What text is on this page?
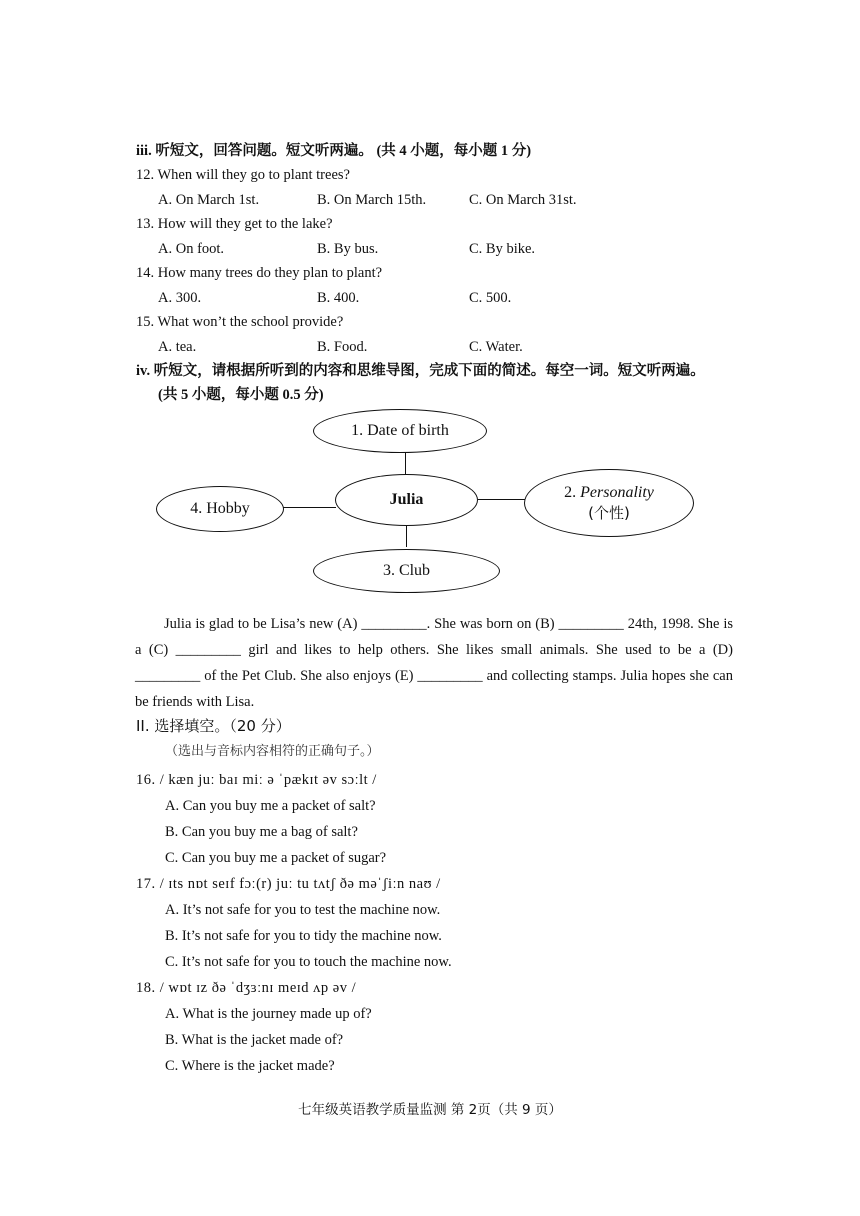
iii. 听短文，回答问题。短文听两遍。 (共 4 小题，每小题 1 分)
12. When will they go to plant trees?
A. On March 1st.	B. On March 15th.	C. On March 31st.
13. How will they get to the lake?
A. On foot.	B. By bus.	C. By bike.
14. How many trees do they plan to plant?
A. 300.	B. 400.	C. 500.
15. What won’t the school provide?
A. tea.	B. Food.	C. Water.
iv. 听短文，请根据所听到的内容和思维导图，完成下面的简述。每空一词。短文听两遍。
(共 5 小题，每小题 0.5 分)
1. Date of birth
Julia	2. Personality
(个性)
4. Hobby
3. Club

Julia is glad to be Lisa’s new (A) _________. She was born on (B) _________ 24th, 1998. She is a (C) _________ girl and likes to help others. She likes small animals. She used to be a (D) _________ of the Pet Club. She also enjoys (E) _________ and collecting stamps. Julia hopes she can be friends with Lisa.

II. 选择填空。（20 分）
（选出与音标内容相符的正确句子。）
16. / kæn juː baɪ miː ə ˈpækɪt əv sɔːlt /
A. Can you buy me a packet of salt?
B. Can you buy me a bag of salt?
C. Can you buy me a packet of sugar?
17. / ɪts nɒt seɪf fɔː(r) juː tu tʌtʃ ðə məˈʃiːn naʊ /
A. It’s not safe for you to test the machine now.
B. It’s not safe for you to tidy the machine now.
C. It’s not safe for you to touch the machine now.
18. / wɒt ɪz ðə ˈdʒɜːnɪ meɪd ʌp əv /
A. What is the journey made up of?
B. What is the jacket made of?
C. Where is the jacket made?
七年级英语教学质量监测 第 2页（共 9 页）
